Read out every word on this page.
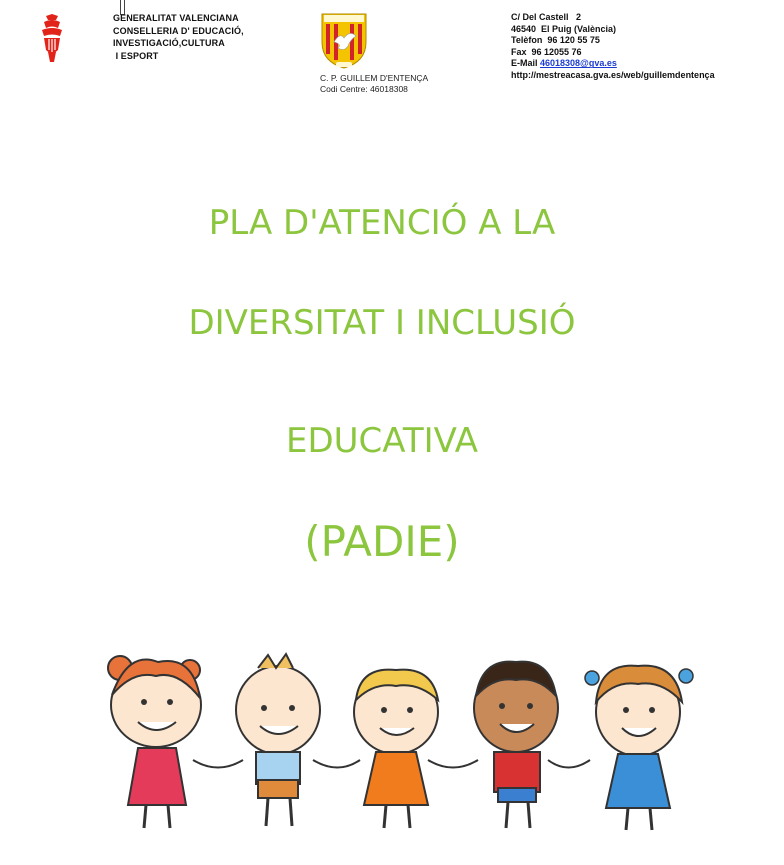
GENERALITAT VALENCIANA
CONSELLERIA D' EDUCACIÓ,
INVESTIGACIÓ,CULTURA
I ESPORT
C. P. GUILLEM D'ENTENÇA
Codi Centre: 46018308
C/ Del Castell   2
46540  El Puig (València)
Telèfon  96 120 55 75
Fax  96 12055 76
E-Mail 46018308@gva.es
http://mestreacasa.gva.es/web/guillemdentença
PLA D'ATENCIÓ A LA
DIVERSITAT I INCLUSIÓ
EDUCATIVA
(PADIE)
